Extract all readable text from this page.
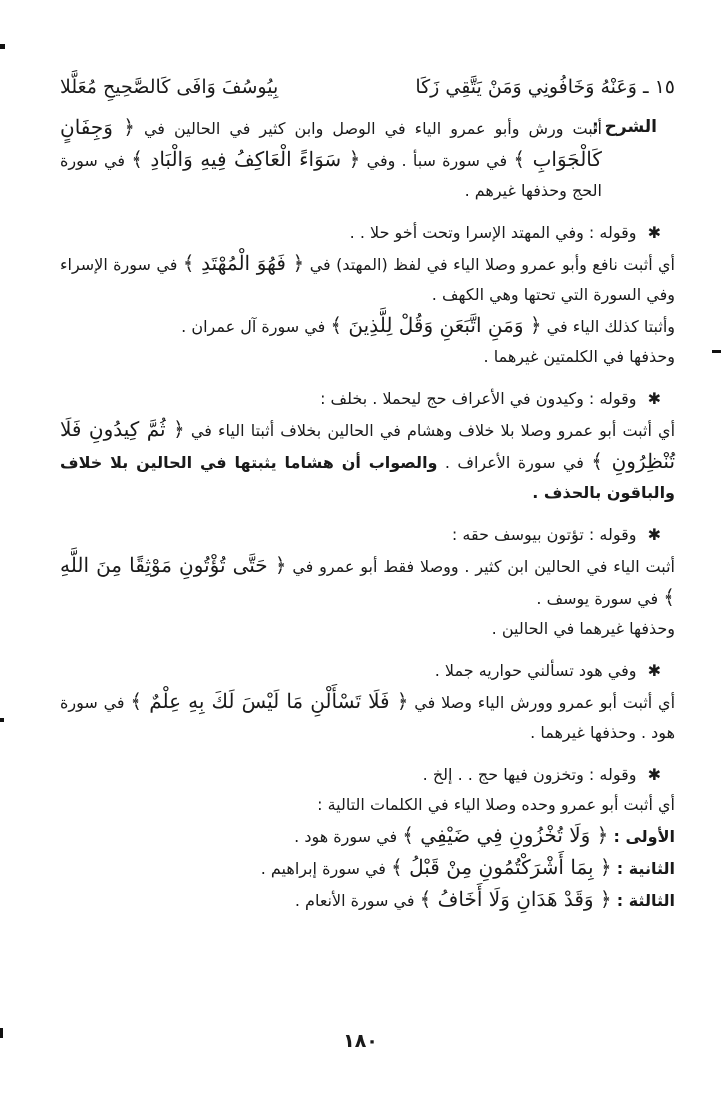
١٥ ـ وَعَنْهُ وَخَافُونِي وَمَنْ يَتَّقِي زَكَا
بِيُوسُفَ وَافَى كَالصَّحِيحِ مُعَلَّلا
الشرح :

أثبت ورش وأبو عمرو الياء في الوصل وابن كثير في الحالين في ﴿ وَجِفَانٍ كَالْجَوَابِ ﴾ في سورة سبأ . وفي ﴿ سَوَاءً الْعَاكِفُ فِيهِ وَالْبَادِ ﴾ في سورة الحج وحذفها غيرهم .

✱ وقوله : وفي المهتد الإسرا وتحت أخو حلا . .

أي أثبت نافع وأبو عمرو وصلا الياء في لفظ (المهتد) في ﴿ فَهُوَ الْمُهْتَدِ ﴾ في سورة الإسراء وفي السورة التي تحتها وهي الكهف .

وأثبتا كذلك الياء في ﴿ وَمَنِ اتَّبَعَنِ وَقُلْ لِلَّذِينَ ﴾ في سورة آل عمران .

وحذفها في الكلمتين غيرهما .

✱ وقوله : وكيدون في الأعراف حج ليحملا . بخلف :

أي أثبت أبو عمرو وصلا بلا خلاف وهشام في الحالين بخلاف أثبتا الياء في ﴿ ثُمَّ كِيدُونِ فَلَا تُنْظِرُونِ ﴾ في سورة الأعراف . والصواب أن هشاما يثبتها في الحالين بلا خلاف والباقون بالحذف .

✱ وقوله : تؤتون بيوسف حقه :

أثبت الياء في الحالين ابن كثير . ووصلا فقط أبو عمرو في ﴿ حَتَّى تُؤْتُونِ مَوْثِقًا مِنَ اللَّهِ ﴾ في سورة يوسف .

وحذفها غيرهما في الحالين .

✱ وفي هود تسألني حواريه جملا .

أي أثبت أبو عمرو وورش الياء وصلا في ﴿ فَلَا تَسْأَلْنِ مَا لَيْسَ لَكَ بِهِ عِلْمٌ ﴾ في سورة هود . وحذفها غيرهما .

✱ وقوله : وتخزون فيها حج . . إلخ .

أي أثبت أبو عمرو وحده وصلا الياء في الكلمات التالية :

الأولى : ﴿ وَلَا تُخْزُونِ فِي ضَيْفِي ﴾ في سورة هود .

الثانية : ﴿ بِمَا أَشْرَكْتُمُونِ مِنْ قَبْلُ ﴾ في سورة إبراهيم .

الثالثة : ﴿ وَقَدْ هَدَانِ وَلَا أَخَافُ ﴾ في سورة الأنعام .

١٨٠
